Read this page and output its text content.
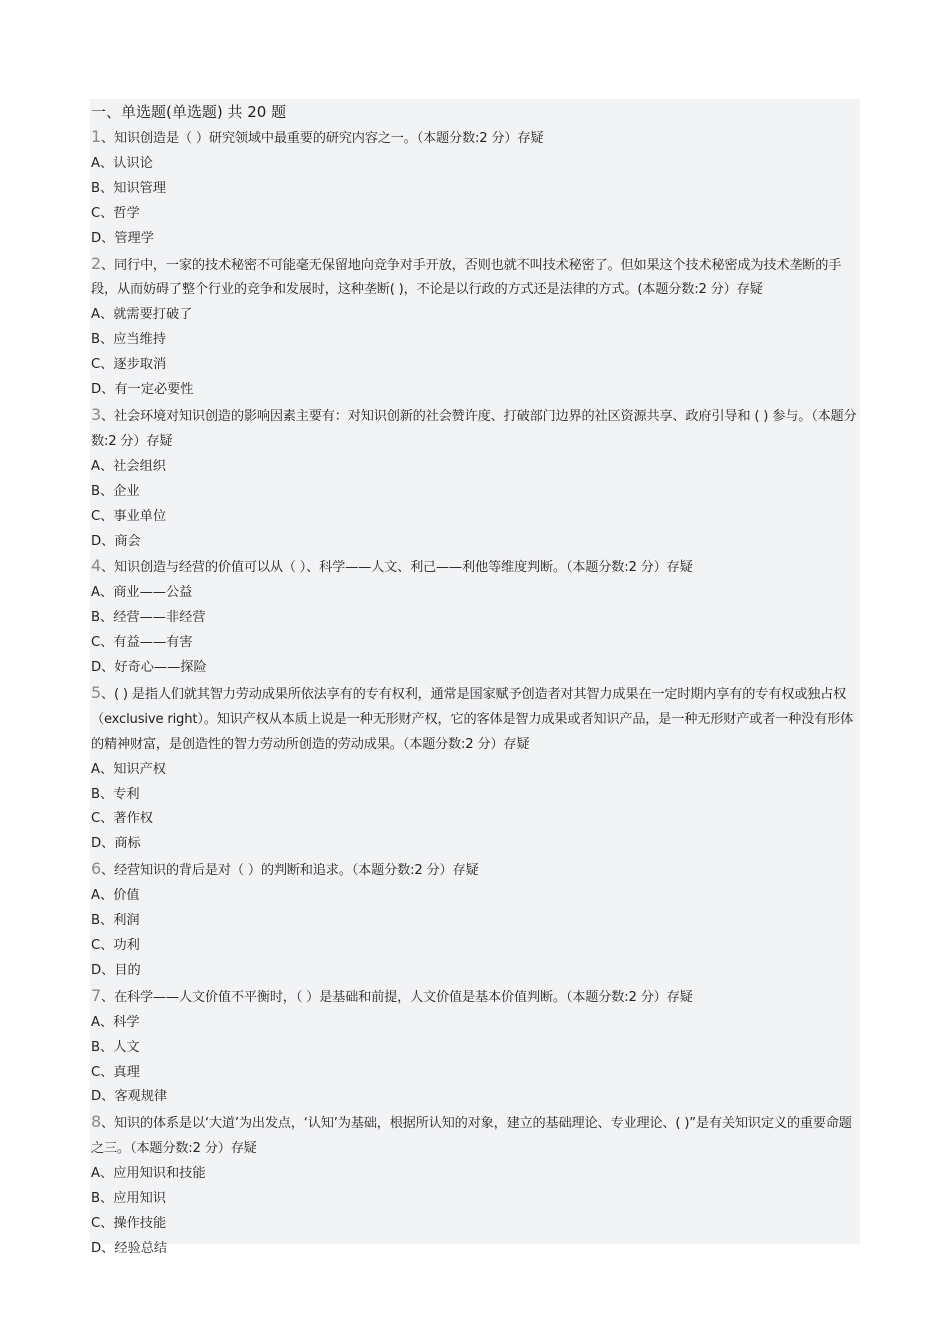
一、单选题(单选题) 共 20 题
1、知识创造是（ ）研究领域中最重要的研究内容之一。（本题分数:2 分）存疑
A、认识论
B、知识管理
C、哲学
D、管理学
2、同行中，一家的技术秘密不可能毫无保留地向竞争对手开放，否则也就不叫技术秘密了。但如果这个技术秘密成为技术垄断的手段，从而妨碍了整个行业的竞争和发展时，这种垄断( )，不论是以行政的方式还是法律的方式。(本题分数:2 分）存疑
A、就需要打破了
B、应当维持
C、逐步取消
D、有一定必要性
3、社会环境对知识创造的影响因素主要有：对知识创新的社会赞许度、打破部门边界的社区资源共享、政府引导和 ( ) 参与。（本题分数:2 分）存疑
A、社会组织
B、企业
C、事业单位
D、商会
4、知识创造与经营的价值可以从（ ）、科学——人文、利己——利他等维度判断。（本题分数:2 分）存疑
A、商业——公益
B、经营——非经营
C、有益——有害
D、好奇心——探险
5、( ) 是指人们就其智力劳动成果所依法享有的专有权利，通常是国家赋予创造者对其智力成果在一定时期内享有的专有权或独占权（exclusive right）。知识产权从本质上说是一种无形财产权，它的客体是智力成果或者知识产品，是一种无形财产或者一种没有形体的精神财富，是创造性的智力劳动所创造的劳动成果。（本题分数:2 分）存疑
A、知识产权
B、专利
C、著作权
D、商标
6、经营知识的背后是对（ ）的判断和追求。（本题分数:2 分）存疑
A、价值
B、利润
C、功利
D、目的
7、在科学——人文价值不平衡时，（ ）是基础和前提，人文价值是基本价值判断。（本题分数:2 分）存疑
A、科学
B、人文
C、真理
D、客观规律
8、知识的体系是以‘大道’为出发点，‘认知’为基础，根据所认知的对象，建立的基础理论、专业理论、( )”是有关知识定义的重要命题之三。（本题分数:2 分）存疑
A、应用知识和技能
B、应用知识
C、操作技能
D、经验总结
